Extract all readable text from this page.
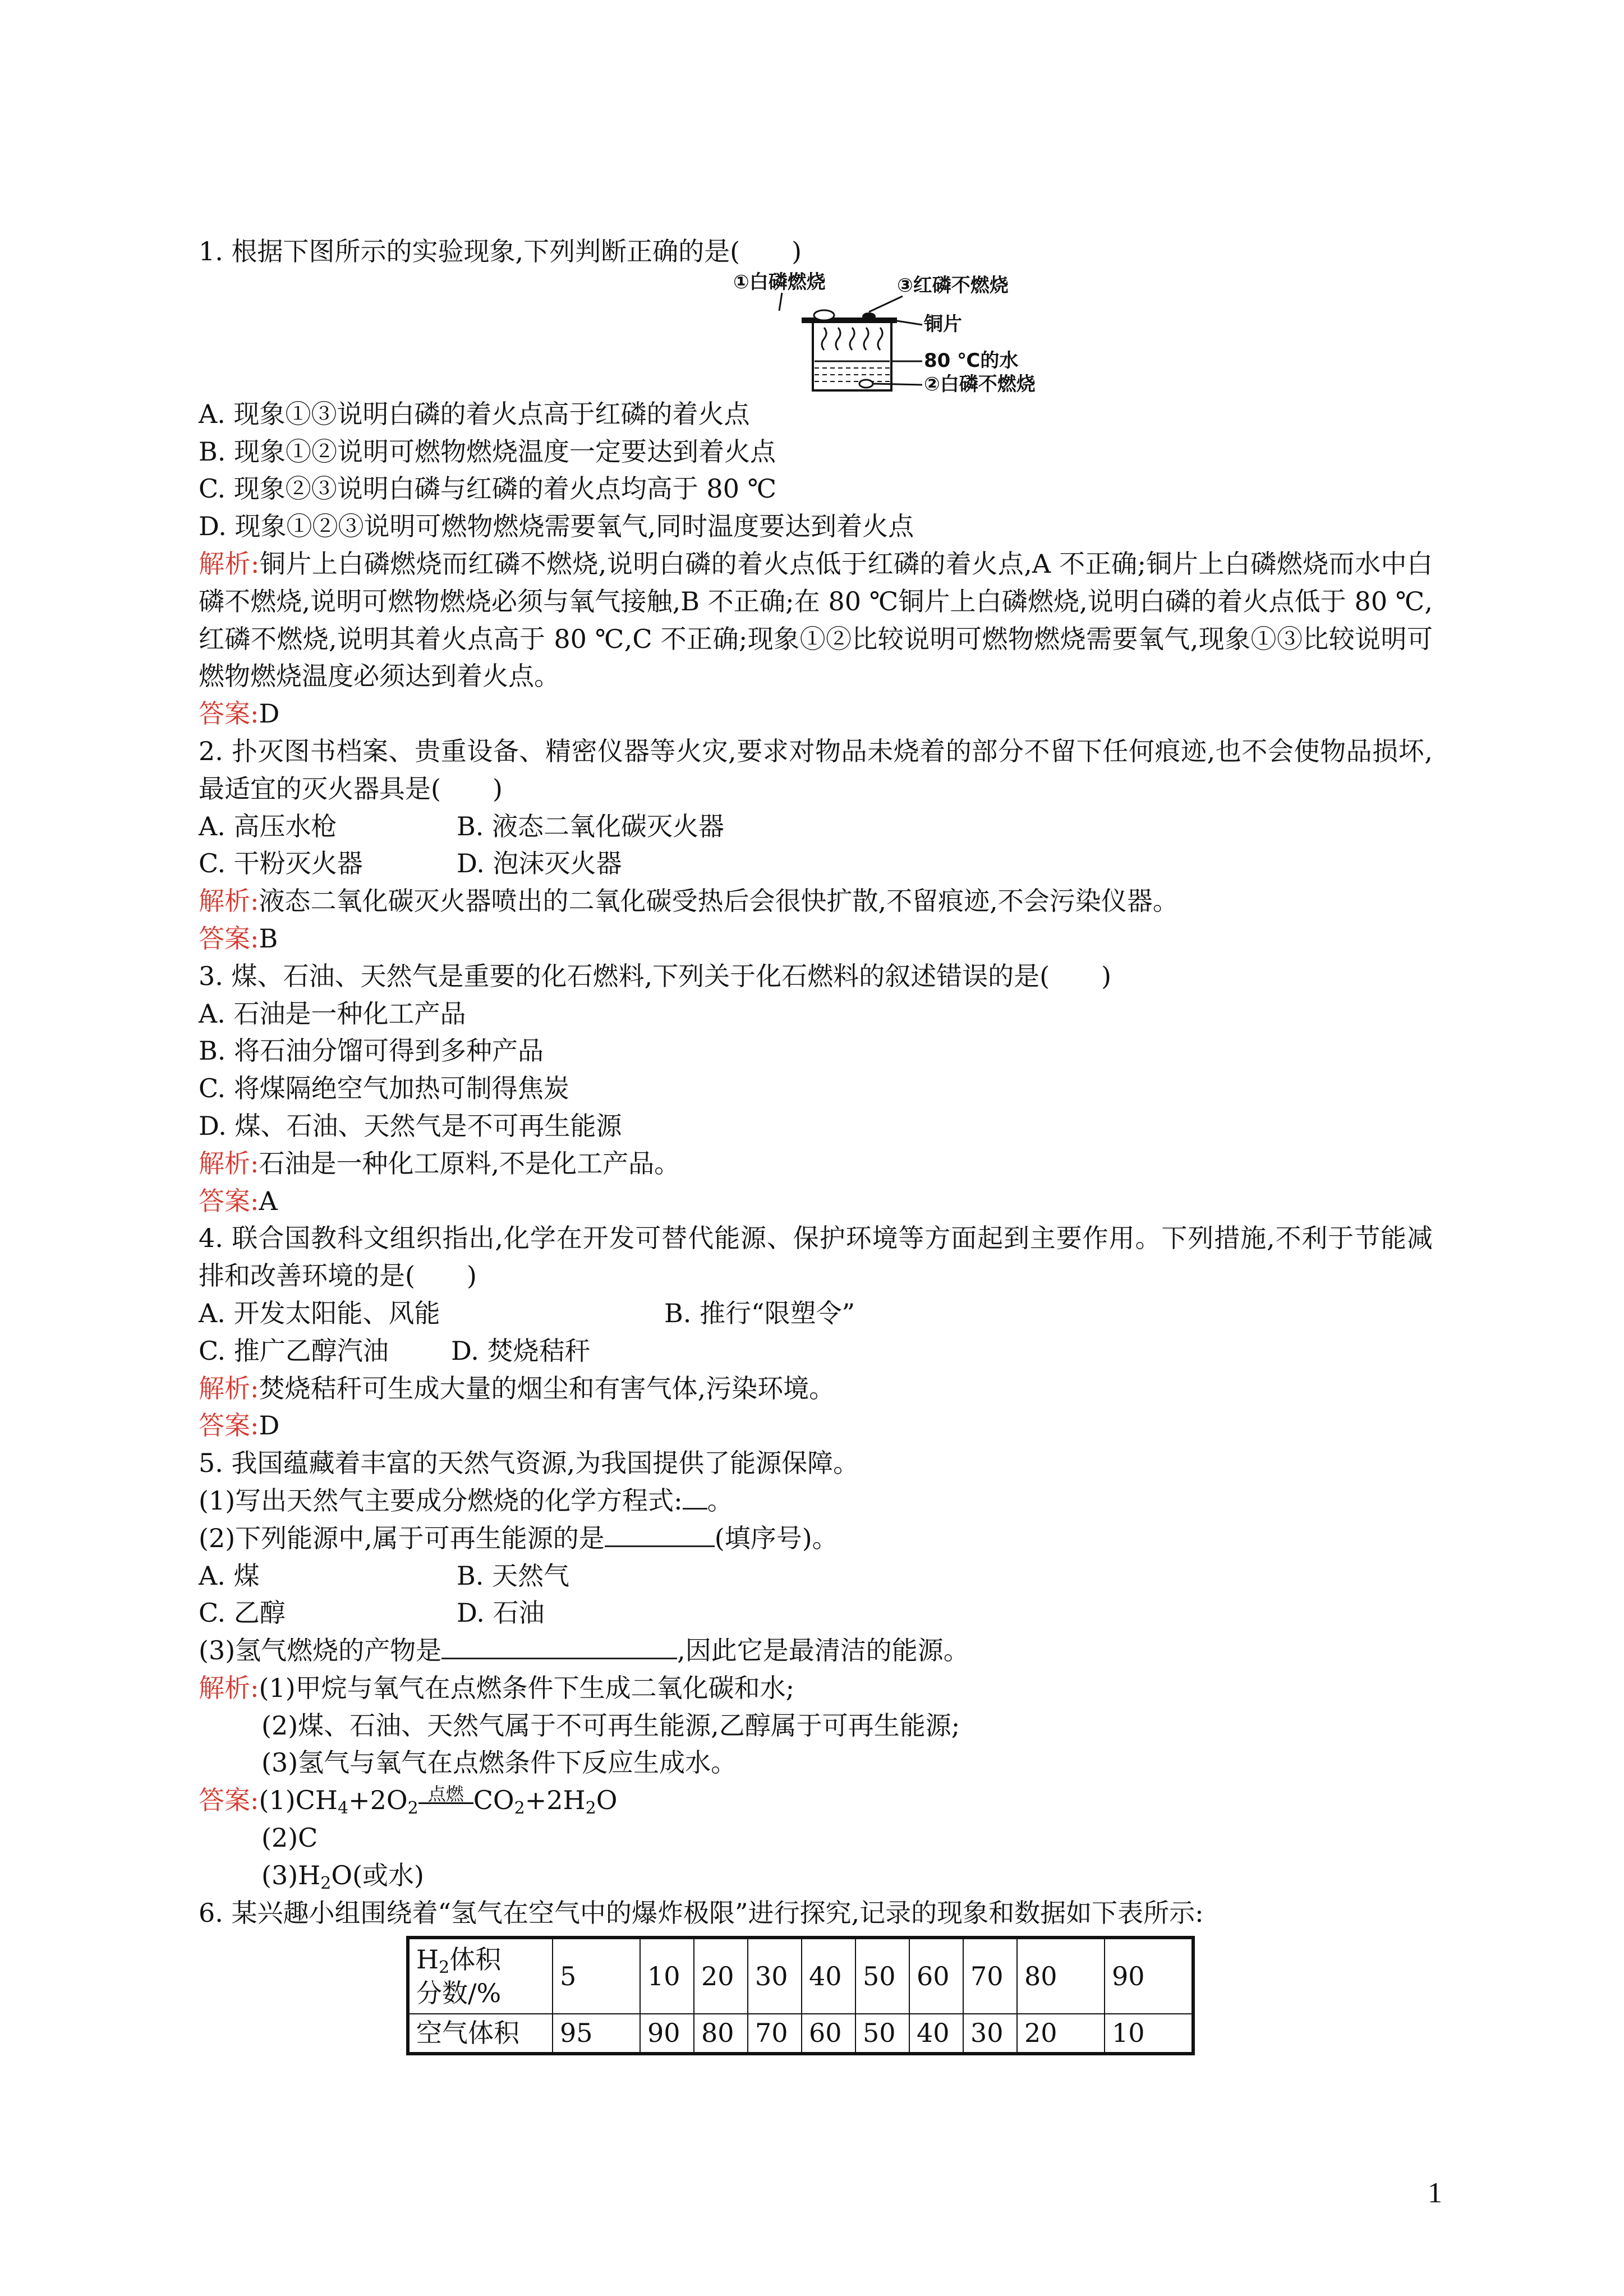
1. 根据下图所示的实验现象,下列判断正确的是(　　)
①白磷燃烧	③红磷不燃烧
铜片
80 ℃的水
②白磷不燃烧
A. 现象①③说明白磷的着火点高于红磷的着火点
B. 现象①②说明可燃物燃烧温度一定要达到着火点
C. 现象②③说明白磷与红磷的着火点均高于 80 ℃
D. 现象①②③说明可燃物燃烧需要氧气,同时温度要达到着火点
解析:铜片上白磷燃烧而红磷不燃烧,说明白磷的着火点低于红磷的着火点,A 不正确;铜片上白磷燃烧而水中白磷不燃烧,说明可燃物燃烧必须与氧气接触,B 不正确;在 80 ℃铜片上白磷燃烧,说明白磷的着火点低于 80 ℃,红磷不燃烧,说明其着火点高于 80 ℃,C 不正确;现象①②比较说明可燃物燃烧需要氧气,现象①③比较说明可燃物燃烧温度必须达到着火点。
答案:D
2. 扑灭图书档案、贵重设备、精密仪器等火灾,要求对物品未烧着的部分不留下任何痕迹,也不会使物品损坏,最适宜的灭火器具是(　　)
A. 高压水枪	B. 液态二氧化碳灭火器
C. 干粉灭火器	D. 泡沫灭火器
解析:液态二氧化碳灭火器喷出的二氧化碳受热后会很快扩散,不留痕迹,不会污染仪器。
答案:B
3. 煤、石油、天然气是重要的化石燃料,下列关于化石燃料的叙述错误的是(　　)
A. 石油是一种化工产品
B. 将石油分馏可得到多种产品
C. 将煤隔绝空气加热可制得焦炭
D. 煤、石油、天然气是不可再生能源
解析:石油是一种化工原料,不是化工产品。
答案:A
4. 联合国教科文组织指出,化学在开发可替代能源、保护环境等方面起到主要作用。下列措施,不利于节能减排和改善环境的是(　　)
A. 开发太阳能、风能	B. 推行“限塑令”
C. 推广乙醇汽油	D. 焚烧秸秆
解析:焚烧秸秆可生成大量的烟尘和有害气体,污染环境。
答案:D
5. 我国蕴藏着丰富的天然气资源,为我国提供了能源保障。
(1)写出天然气主要成分燃烧的化学方程式: 。
(2)下列能源中,属于可再生能源的是	(填序号)。
A. 煤	B. 天然气
C. 乙醇	D. 石油
(3)氢气燃烧的产物是	,因此它是最清洁的能源。
解析:(1)甲烷与氧气在点燃条件下生成二氧化碳和水;
(2)煤、石油、天然气属于不可再生能源,乙醇属于可再生能源;
(3)氢气与氧气在点燃条件下反应生成水。
答案$:(1)CH_4+2O_2$点燃 $CO_2+2H_2O$
(2)C
$(3)H_2O$(或水)
6. 某兴趣小组围绕着“氢气在空气中的爆炸极限”进行探究,记录的现象和数据如下表所示:
$H_2$体积
分数/%	5	10	20	30	40	50	60	70	80	90
空气体积	95	90	80	70	60	50	40	30	20	10
1
